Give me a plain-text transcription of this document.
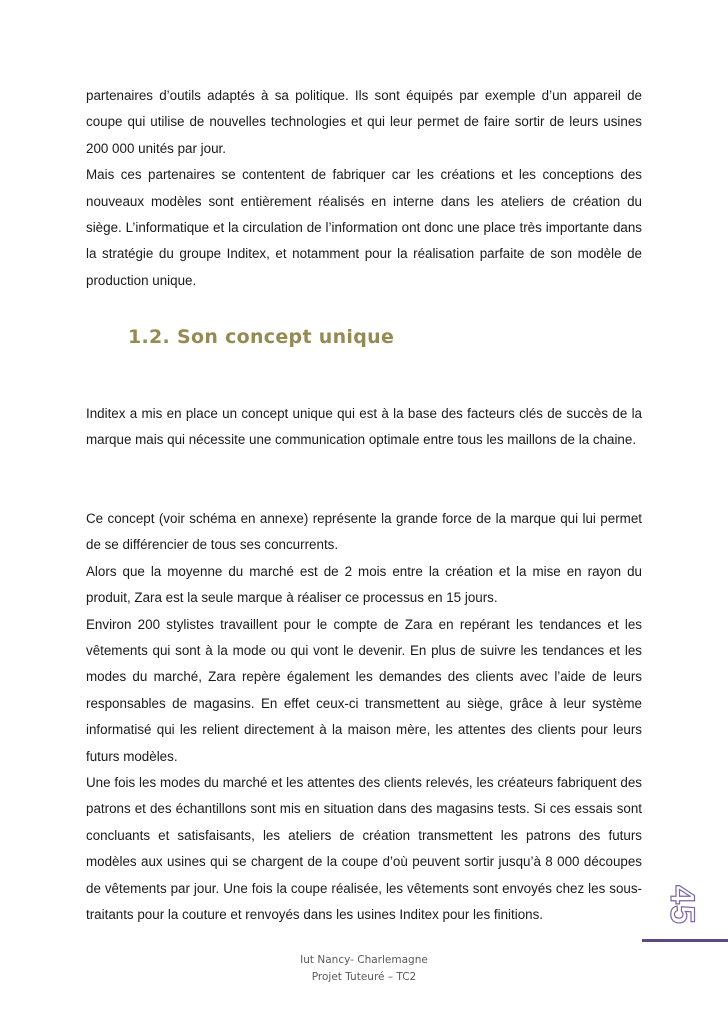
partenaires d’outils adaptés à sa politique. Ils sont équipés par exemple d’un appareil de coupe qui utilise de nouvelles technologies et qui leur permet de faire sortir de leurs usines 200 000 unités par jour.

Mais ces partenaires se contentent de fabriquer car les créations et les conceptions des nouveaux modèles sont entièrement réalisés en interne dans les ateliers de création du siège. L’informatique et la circulation de l’information ont donc une place très importante dans la stratégie du groupe Inditex, et notamment pour la réalisation parfaite de son modèle de production unique.

1.2. Son concept unique

Inditex a mis en place un concept unique qui est à la base des facteurs clés de succès de la marque mais qui nécessite une communication optimale entre tous les maillons de la chaine.

Ce concept (voir schéma en annexe) représente la grande force de la marque qui lui permet de se différencier de tous ses concurrents.

Alors que la moyenne du marché est de 2 mois entre la création et la mise en rayon du produit, Zara est la seule marque à réaliser ce processus en 15 jours.

Environ 200 stylistes travaillent pour le compte de Zara en repérant les tendances et les vêtements qui sont à la mode ou qui vont le devenir. En plus de suivre les tendances et les modes du marché, Zara repère également les demandes des clients avec l’aide de leurs responsables de magasins. En effet ceux-ci transmettent au siège, grâce à leur système informatisé qui les relient directement à la maison mère, les attentes des clients pour leurs futurs modèles.

Une fois les modes du marché et les attentes des clients relevés, les créateurs fabriquent des patrons et des échantillons sont mis en situation dans des magasins tests. Si ces essais sont concluants et satisfaisants, les ateliers de création transmettent les patrons des futurs modèles aux usines qui se chargent de la coupe d’où peuvent sortir jusqu’à 8 000 découpes de vêtements par jour. Une fois la coupe réalisée, les vêtements sont envoyés chez les sous-traitants pour la couture et renvoyés dans les usines Inditex pour les finitions.	45
Iut Nancy- Charlemagne
Projet Tuteuré – TC2
